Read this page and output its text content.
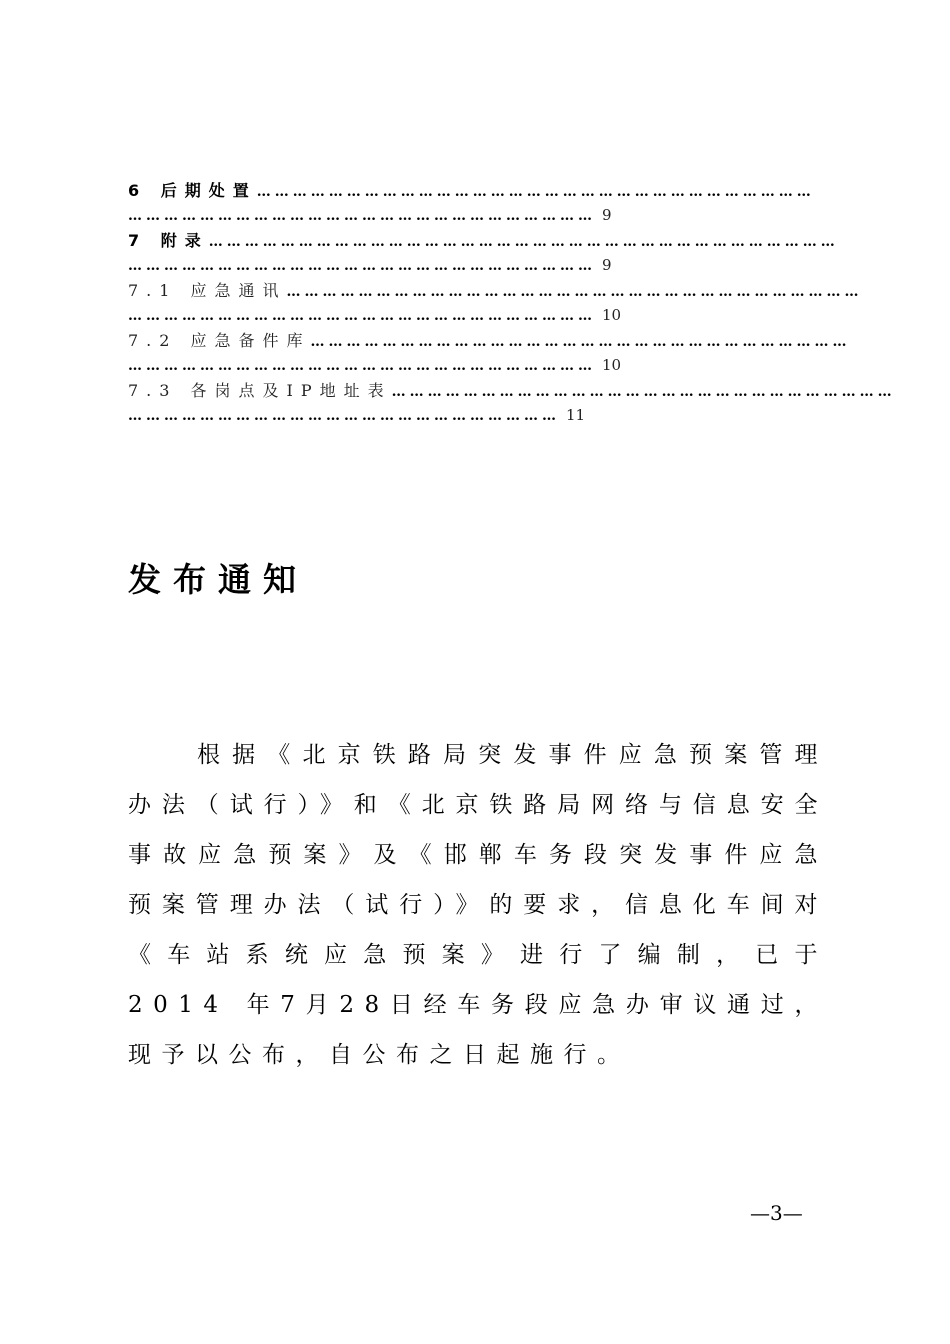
6 后期处置 …………………………………………………………………………………
…………………………………………………………………… 9
7 附录 ……………………………………………………………………………………………
…………………………………………………………………… 9
7.1 应急通讯 ……………………………………………………………………………………
…………………………………………………………………… 10
7.2 应急备件库 ………………………………………………………………………………
…………………………………………………………………… 10
7.3 各岗点及IP地址表 …………………………………………………………………………
……………………………………………………………… 11
发布通知
根据《北京铁路局突发事件应急预案管理办法（试行）》和《北京铁路局网络与信息安全事故应急预案》及《邯郸车务段突发事件应急预案管理办法（试行）》的要求，信息化车间对《车站系统应急预案》进行了编制，已于2014 年7月28日经车务段应急办审议通过，现予以公布，自公布之日起施行。
—3—
